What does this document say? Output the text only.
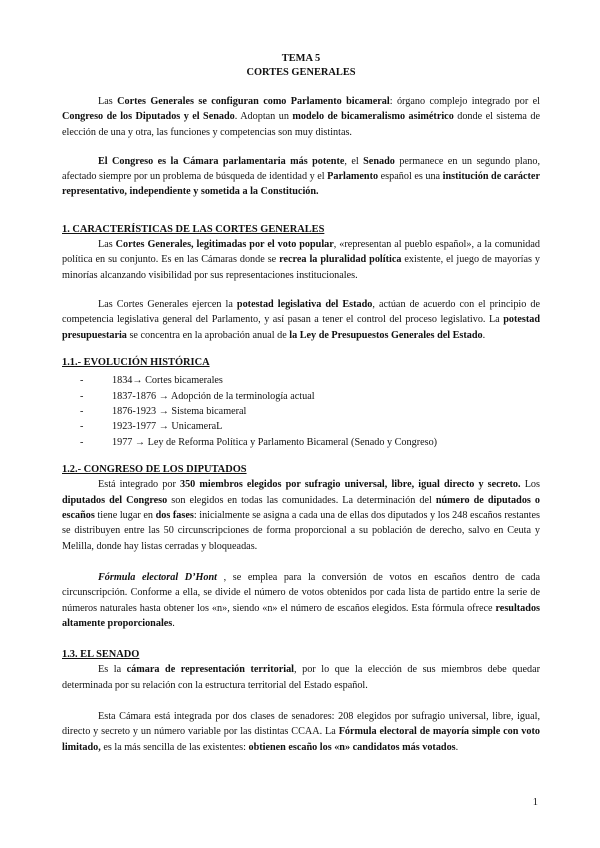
TEMA 5
CORTES GENERALES

Las Cortes Generales se configuran como Parlamento bicameral: órgano complejo integrado por el Congreso de los Diputados y el Senado. Adoptan un modelo de bicameralismo asimétrico donde el sistema de elección de una y otra, las funciones y competencias son muy distintas.

El Congreso es la Cámara parlamentaria más potente, el Senado permanece en un segundo plano, afectado siempre por un problema de búsqueda de identidad y el Parlamento español es una institución de carácter representativo, independiente y sometida a la Constitución.

1. CARACTERÍSTICAS DE LAS CORTES GENERALES

Las Cortes Generales, legitimadas por el voto popular, «representan al pueblo español», a la comunidad política en su conjunto. Es en las Cámaras donde se recrea la pluralidad política existente, el juego de mayorías y minorías alcanzando visibilidad por sus representaciones institucionales.

Las Cortes Generales ejercen la potestad legislativa del Estado, actúan de acuerdo con el principio de competencia legislativa general del Parlamento, y así pasan a tener el control del proceso legislativo. La potestad presupuestaria se concentra en la aprobación anual de la Ley de Presupuestos Generales del Estado.

1.1.- EVOLUCIÓN HISTÓRICA
-	1834→ Cortes bicamerales
-	1837-1876 → Adopción de la terminología actual
-	1876-1923 → Sistema bicameral
-	1923-1977 → UnicameraL
-	1977 → Ley de Reforma Política y Parlamento Bicameral (Senado y Congreso)
1.2.- CONGRESO DE LOS DIPUTADOS

Está integrado por 350 miembros elegidos por sufragio universal, libre, igual directo y secreto. Los diputados del Congreso son elegidos en todas las comunidades. La determinación del número de diputados o escaños tiene lugar en dos fases: inicialmente se asigna a cada una de ellas dos diputados y los 248 escaños restantes se distribuyen entre las 50 circunscripciones de forma proporcional a su población de derecho, salvo en Ceuta y Melilla, donde hay listas cerradas y bloqueadas.

Fórmula electoral D’Hont , se emplea para la conversión de votos en escaños dentro de cada circunscripción. Conforme a ella, se divide el número de votos obtenidos por cada lista de partido entre la serie de números naturales hasta obtener los «n», siendo «n» el número de escaños elegidos. Esta fórmula ofrece resultados altamente proporcionales.

1.3. EL SENADO

Es la cámara de representación territorial, por lo que la elección de sus miembros debe quedar determinada por su relación con la estructura territorial del Estado español.

Esta Cámara está integrada por dos clases de senadores: 208 elegidos por sufragio universal, libre, igual, directo y secreto y un número variable por las distintas CCAA. La Fórmula electoral de mayoría simple con voto limitado, es la más sencilla de las existentes: obtienen escaño los «n» candidatos más votados.

1
